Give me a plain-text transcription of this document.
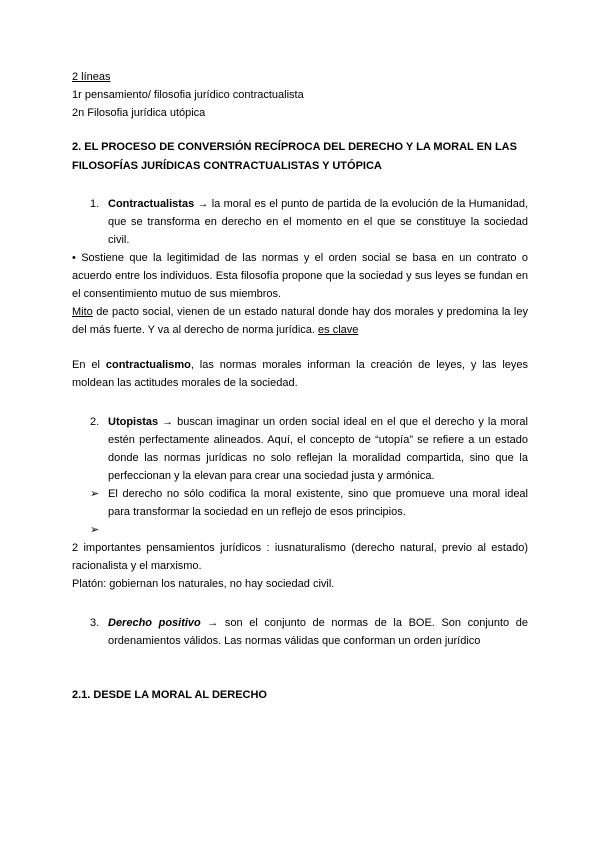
2 líneas
1r pensamiento/ filosofia jurídico contractualista
2n Filosofia jurídica utópica
2. EL PROCESO DE CONVERSIÓN RECÍPROCA DEL DERECHO Y LA MORAL EN LAS
FILOSOFÍAS JURÍDICAS CONTRACTUALISTAS Y UTÓPICA
1. Contractualistas → la moral es el punto de partida de la evolución de la Humanidad, que se transforma en derecho en el momento en el que se constituye la sociedad civil.

• Sostiene que la legitimidad de las normas y el orden social se basa en un contrato o acuerdo entre los individuos. Esta filosofía propone que la sociedad y sus leyes se fundan en el consentimiento mutuo de sus miembros.

Mito de pacto social, vienen de un estado natural donde hay dos morales y predomina la ley del más fuerte. Y va al derecho de norma jurídica. es clave

En el contractualismo, las normas morales informan la creación de leyes, y las leyes moldean las actitudes morales de la sociedad.

2. Utopistas → buscan imaginar un orden social ideal en el que el derecho y la moral estén perfectamente alineados. Aquí, el concepto de “utopía” se refiere a un estado donde las normas jurídicas no solo reflejan la moralidad compartida, sino que la perfeccionan y la elevan para crear una sociedad justa y armónica.
➢ El derecho no sólo codifica la moral existente, sino que promueve una moral ideal para transformar la sociedad en un reflejo de esos principios.
➢

2 importantes pensamientos jurídicos : iusnaturalismo (derecho natural, previo al estado) racionalista y el marxismo.

Platón: gobiernan los naturales, no hay sociedad civil.

3. Derecho positivo → son el conjunto de normas de la BOE. Son conjunto de ordenamientos válidos. Las normas válidas que conforman un orden jurídico
2.1. DESDE LA MORAL AL DERECHO
